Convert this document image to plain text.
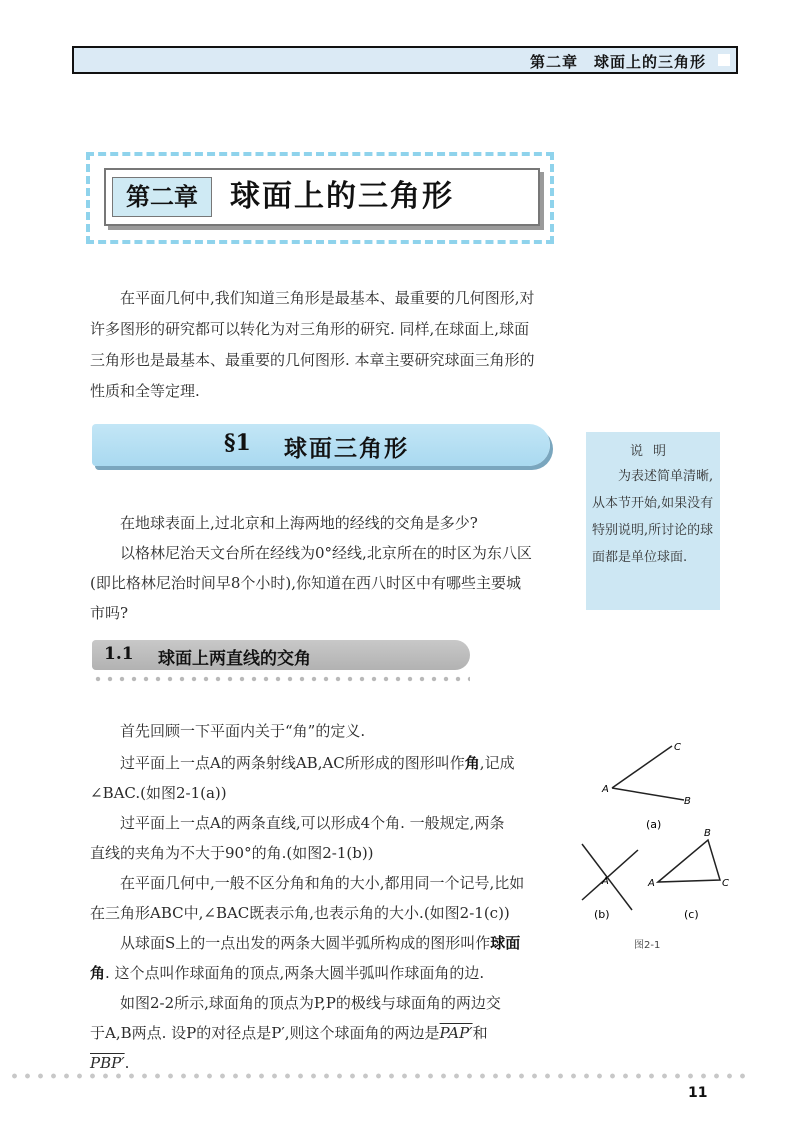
第二章　球面上的三角形
第二章	球面上的三角形
在平面几何中,我们知道三角形是最基本、最重要的几何图形,对
许多图形的研究都可以转化为对三角形的研究. 同样,在球面上,球面
三角形也是最基本、最重要的几何图形. 本章主要研究球面三角形的
性质和全等定理.
§1 球面三角形	说明
为表述简单清晰,从本节开始,如果没有特别说明,所讨论的球面都是单位球面.
在地球表面上,过北京和上海两地的经线的交角是多少?
以格林尼治天文台所在经线为0°经线,北京所在的时区为东八区
(即比格林尼治时间早8个小时),你知道在西八时区中有哪些主要城
市吗?
1.1 球面上两直线的交角
首先回顾一下平面内关于“角”的定义.
过平面上一点A的两条射线AB,AC所形成的图形叫作角,记成
∠BAC.(如图2-1(a))
过平面上一点A的两条直线,可以形成4个角. 一般规定,两条
直线的夹角为不大于90°的角.(如图2-1(b))
在平面几何中,一般不区分角和角的大小,都用同一个记号,比如
在三角形ABC中,∠BAC既表示角,也表示角的大小.(如图2-1(c))
从球面S上的一点出发的两条大圆半弧所构成的图形叫作球面
角. 这个点叫作球面角的顶点,两条大圆半弧叫作球面角的边.
如图2-2所示,球面角的顶点为P,P的极线与球面角的两边交
于A,B两点. 设P的对径点是P′,则这个球面角的两边是PAP′和
PBP′.
C
A
B
(a)
A
(b)
A
B
C
(c)
图2-1
11
